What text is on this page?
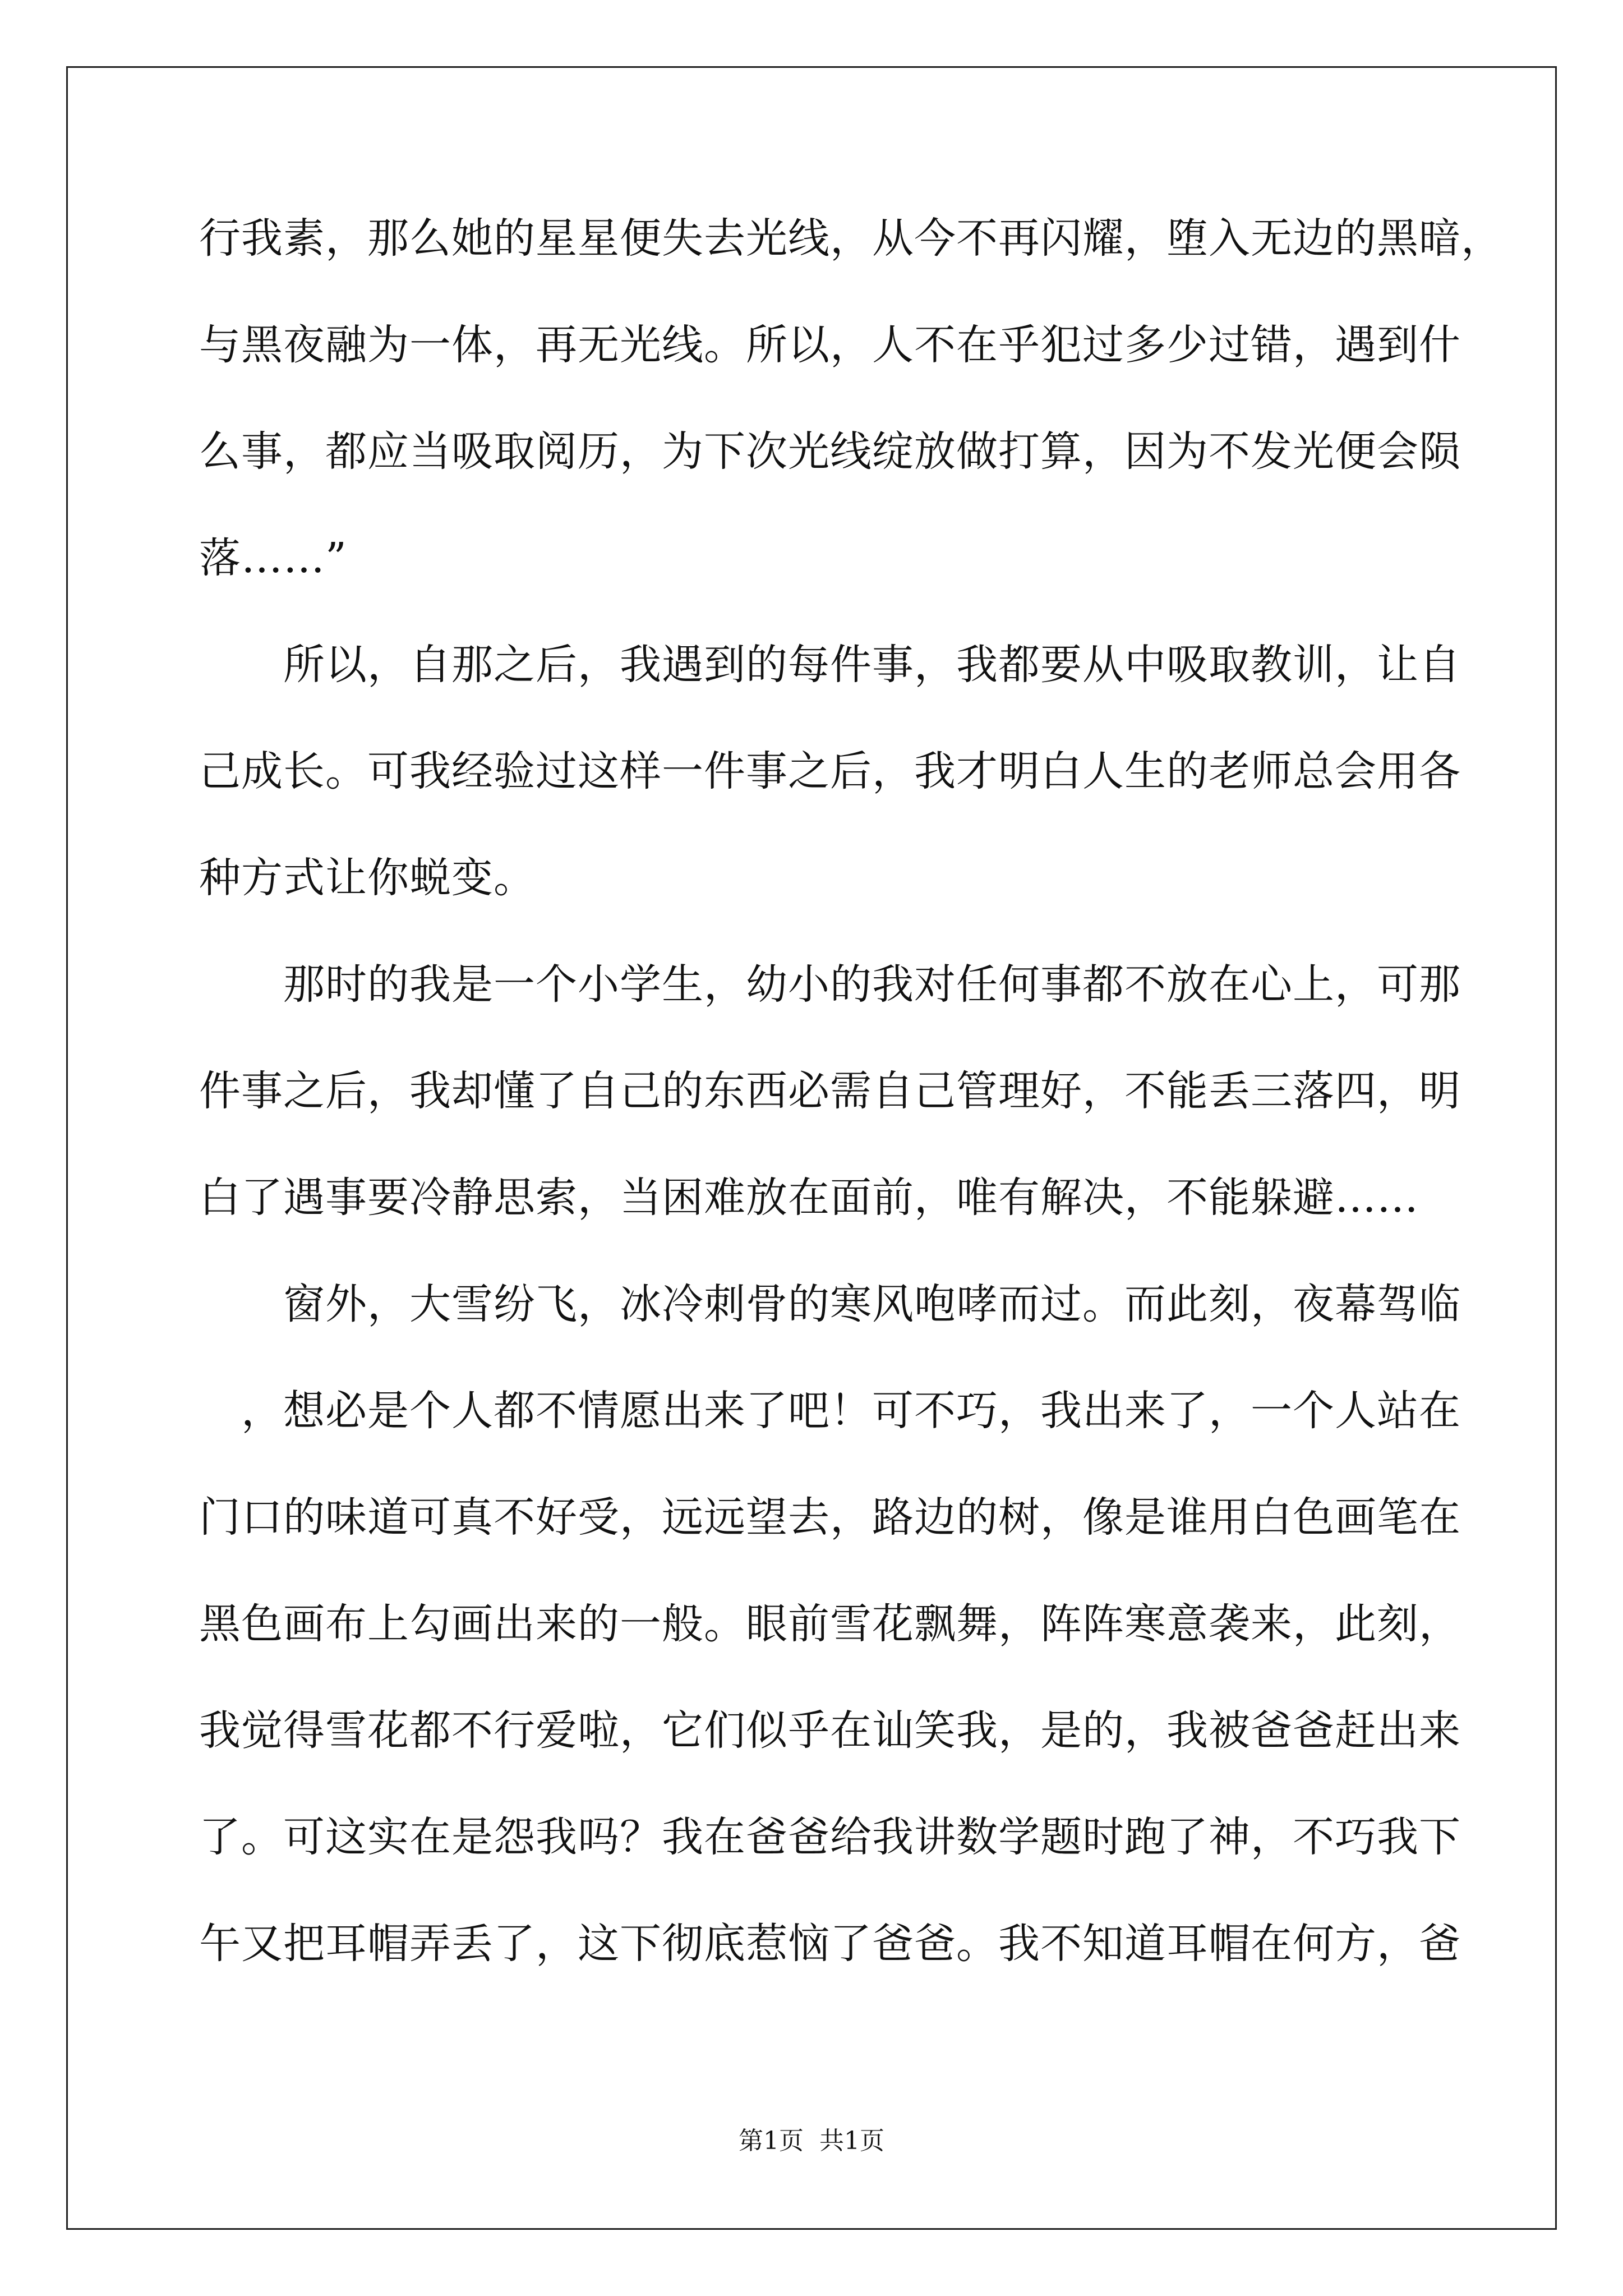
行我素，那么她的星星便失去光线，从今不再闪耀，堕入无边的黑暗，
与黑夜融为一体，再无光线。所以，人不在乎犯过多少过错，遇到什
么事，都应当吸取阅历，为下次光线绽放做打算，因为不发光便会陨
落……”
　　所以，自那之后，我遇到的每件事，我都要从中吸取教训，让自
己成长。可我经验过这样一件事之后，我才明白人生的老师总会用各
种方式让你蜕变。
　　那时的我是一个小学生，幼小的我对任何事都不放在心上，可那
件事之后，我却懂了自己的东西必需自己管理好，不能丢三落四，明
白了遇事要冷静思索，当困难放在面前，唯有解决，不能躲避……
　　窗外，大雪纷飞，冰冷刺骨的寒风咆哮而过。而此刻，夜幕驾临
　，想必是个人都不情愿出来了吧！可不巧，我出来了，一个人站在
门口的味道可真不好受，远远望去，路边的树，像是谁用白色画笔在
黑色画布上勾画出来的一般。眼前雪花飘舞，阵阵寒意袭来，此刻，
我觉得雪花都不行爱啦，它们似乎在讪笑我，是的，我被爸爸赶出来
了。可这实在是怨我吗？我在爸爸给我讲数学题时跑了神，不巧我下
午又把耳帽弄丢了，这下彻底惹恼了爸爸。我不知道耳帽在何方，爸
第1页 共1页
